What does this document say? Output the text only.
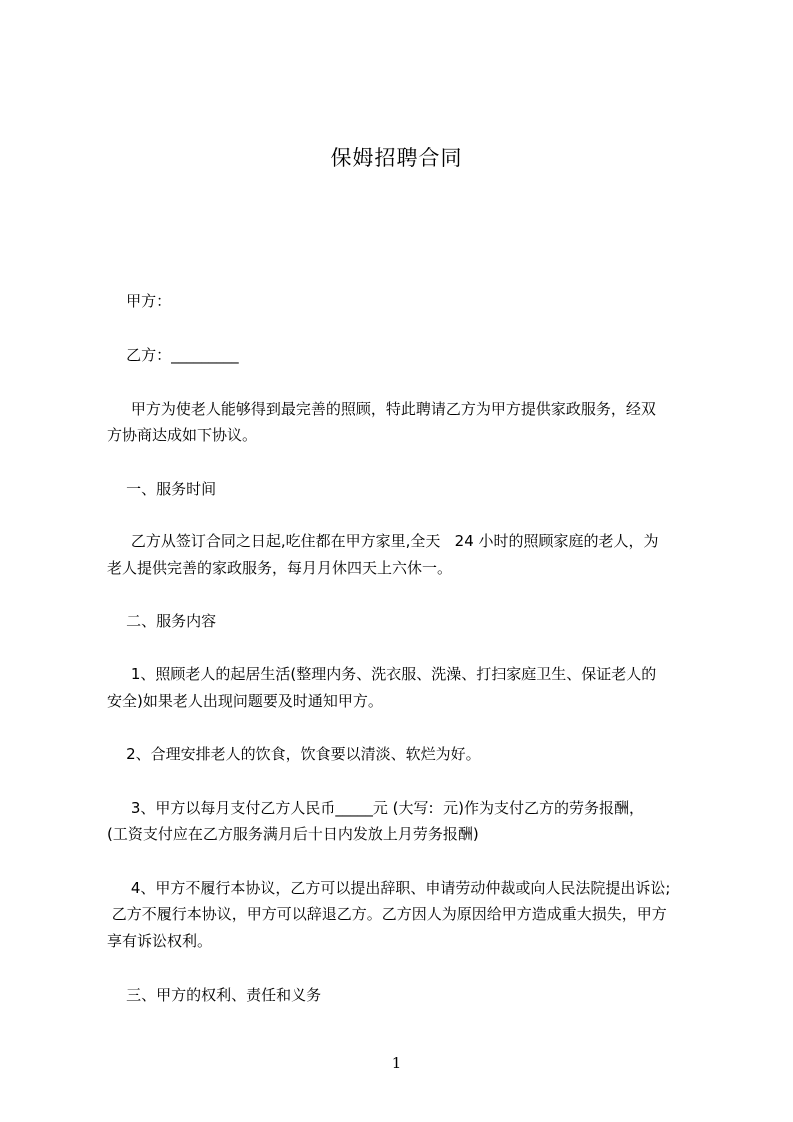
保姆招聘合同
甲方：
乙方：_________
甲方为使老人能够得到最完善的照顾，特此聘请乙方为甲方提供家政服务，经双
方协商达成如下协议。
一、服务时间
乙方从签订合同之日起,吃住都在甲方家里,全天   24 小时的照顾家庭的老人，为
老人提供完善的家政服务，每月月休四天上六休一。
二、服务内容
1、照顾老人的起居生活(整理内务、洗衣服、洗澡、打扫家庭卫生、保证老人的
安全)如果老人出现问题要及时通知甲方。
2、合理安排老人的饮食，饮食要以清淡、软烂为好。
3、甲方以每月支付乙方人民币_____元 (大写:  元)作为支付乙方的劳务报酬，
(工资支付应在乙方服务满月后十日内发放上月劳务报酬)
4、甲方不履行本协议，乙方可以提出辞职、申请劳动仲裁或向人民法院提出诉讼;
乙方不履行本协议，甲方可以辞退乙方。乙方因人为原因给甲方造成重大损失，甲方
享有诉讼权利。
三、甲方的权利、责任和义务
1
